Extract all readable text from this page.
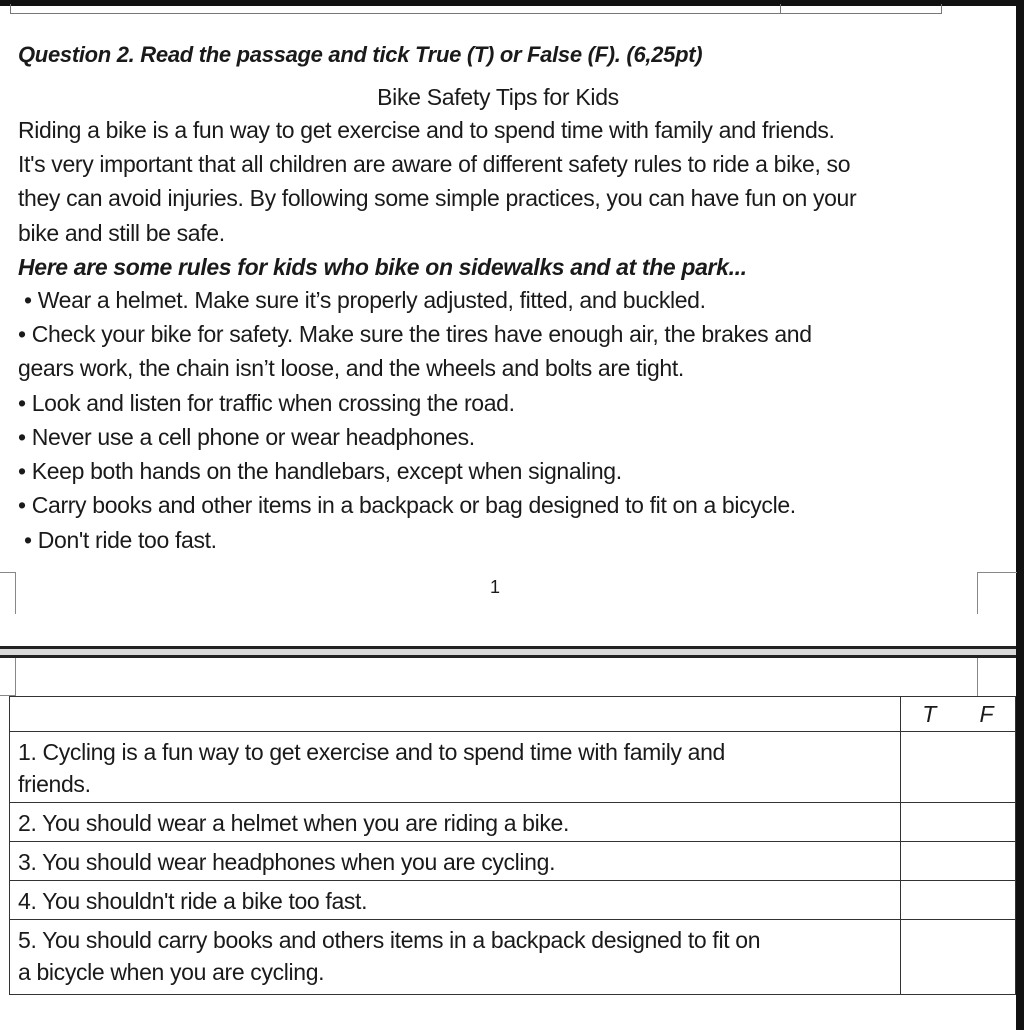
Question 2. Read the passage and tick True (T) or False (F). (6,25pt)
Bike Safety Tips for Kids
Riding a bike is a fun way to get exercise and to spend time with family and friends.
It's very important that all children are aware of different safety rules to ride a bike, so
they can avoid injuries. By following some simple practices, you can have fun on your
bike and still be safe.
Here are some rules for kids who bike on sidewalks and at the park...
• Wear a helmet. Make sure it’s properly adjusted, fitted, and buckled.
• Check your bike for safety. Make sure the tires have enough air, the brakes and
gears work, the chain isn’t loose, and the wheels and bolts are tight.
• Look and listen for traffic when crossing the road.
• Never use a cell phone or wear headphones.
• Keep both hands on the handlebars, except when signaling.
• Carry books and other items in a backpack or bag designed to fit on a bicycle.
• Don't ride too fast.
1

	T F

1. Cycling is a fun way to get exercise and to spend time with family and
friends.	

2. You should wear a helmet when you are riding a bike.	

3. You should wear headphones when you are cycling.	

4. You shouldn't ride a bike too fast.	

5. You should carry books and others items in a backpack designed to fit on
a bicycle when you are cycling.	
